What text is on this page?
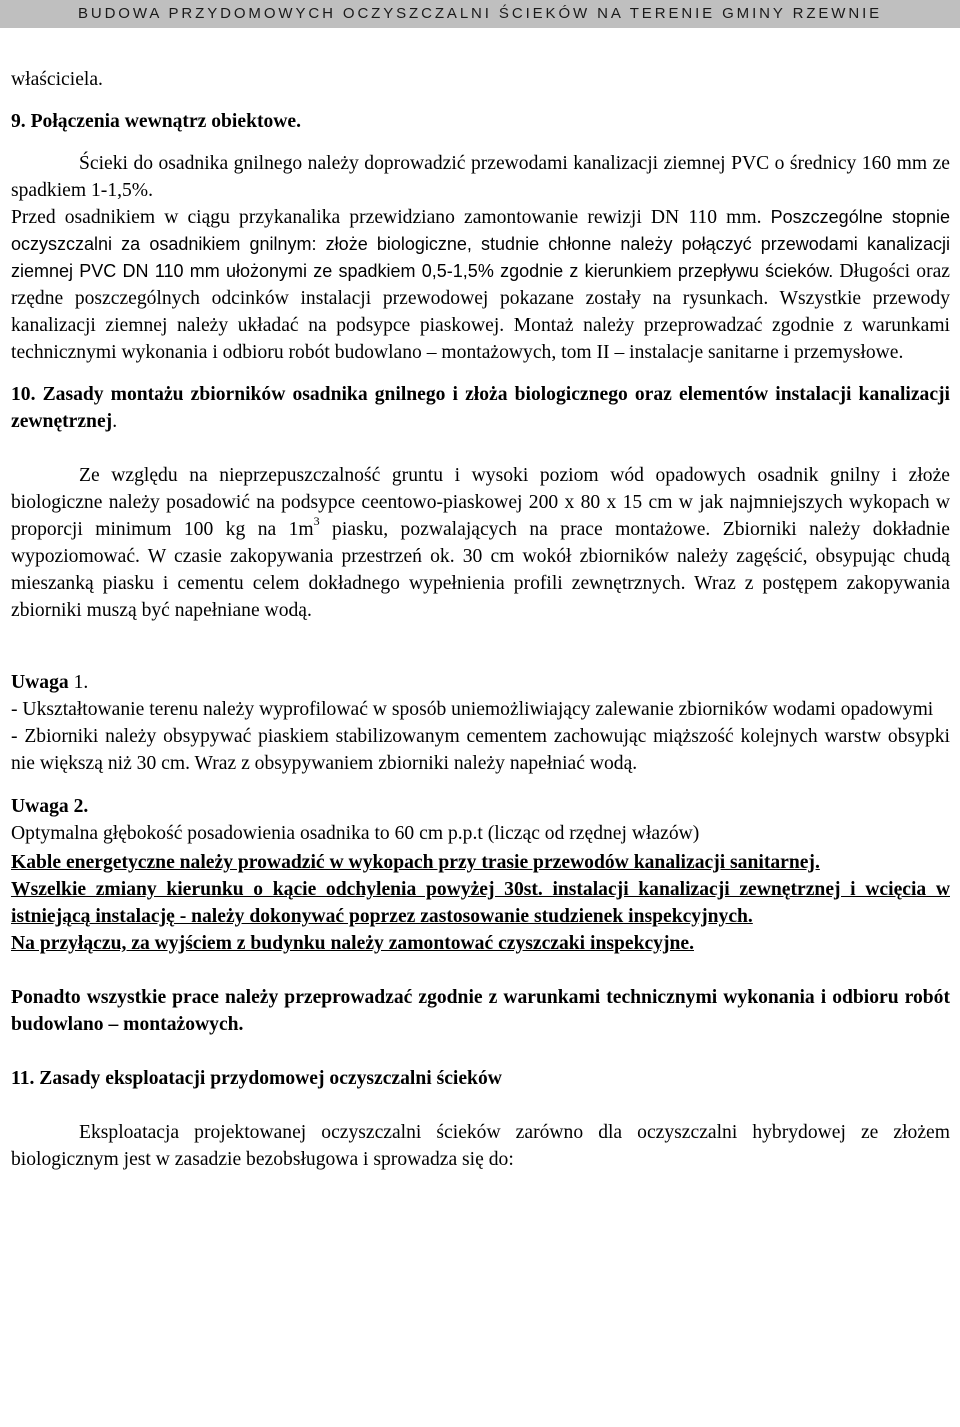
BUDOWA PRZYDOMOWYCH OCZYSZCZALNI ŚCIEKÓW NA TERENIE GMINY RZEWNIE

właściciela.

9. Połączenia wewnątrz obiektowe.

Ścieki do osadnika gnilnego należy doprowadzić przewodami kanalizacji ziemnej PVC o średnicy 160 mm ze spadkiem 1-1,5%.

Przed osadnikiem w ciągu przykanalika przewidziano zamontowanie rewizji DN 110 mm. Poszczególne stopnie oczyszczalni za osadnikiem gnilnym: złoże biologiczne, studnie chłonne należy połączyć przewodami kanalizacji ziemnej PVC DN 110 mm ułożonymi ze spadkiem 0,5-1,5% zgodnie z kierunkiem przepływu ścieków. Długości oraz rzędne poszczególnych odcinków instalacji przewodowej pokazane zostały na rysunkach. Wszystkie przewody kanalizacji ziemnej należy układać na podsypce piaskowej. Montaż należy przeprowadzać zgodnie z warunkami technicznymi wykonania i odbioru robót budowlano – montażowych, tom II – instalacje sanitarne i przemysłowe.

10. Zasady montażu zbiorników osadnika gnilnego i złoża biologicznego oraz elementów instalacji kanalizacji zewnętrznej.

Ze względu na nieprzepuszczalność gruntu i wysoki poziom wód opadowych osadnik gnilny i złoże biologiczne należy posadowić na podsypce ceentowo-piaskowej 200 x 80 x 15 cm w jak najmniejszych wykopach w proporcji minimum 100 kg na $1m^3$ piasku, pozwalających na prace montażowe. Zbiorniki należy dokładnie wypoziomować. W czasie zakopywania przestrzeń ok. 30 cm wokół zbiorników należy zagęścić, obsypując chudą mieszanką piasku i cementu celem dokładnego wypełnienia profili zewnętrznych. Wraz z postępem zakopywania zbiorniki muszą być napełniane wodą.

Uwaga 1.

- Ukształtowanie terenu należy wyprofilować w sposób uniemożliwiający zalewanie zbiorników wodami opadowymi

- Zbiorniki należy obsypywać piaskiem stabilizowanym cementem zachowując miąższość kolejnych warstw obsypki nie większą niż 30 cm. Wraz z obsypywaniem zbiorniki należy napełniać wodą.

Uwaga 2.

Optymalna głębokość posadowienia osadnika to 60 cm p.p.t (licząc od rzędnej włazów)

Kable energetyczne należy prowadzić w wykopach przy trasie przewodów kanalizacji sanitarnej.

Wszelkie zmiany kierunku o kącie odchylenia powyżej 30st. instalacji kanalizacji zewnętrznej i wcięcia w istniejącą instalację - należy dokonywać poprzez zastosowanie studzienek inspekcyjnych.

Na przyłączu, za wyjściem z budynku należy zamontować czyszczaki inspekcyjne.

Ponadto wszystkie prace należy przeprowadzać zgodnie z warunkami technicznymi wykonania i odbioru robót budowlano – montażowych.

11. Zasady eksploatacji przydomowej oczyszczalni ścieków

Eksploatacja projektowanej oczyszczalni ścieków zarówno dla oczyszczalni hybrydowej ze złożem biologicznym jest w zasadzie bezobsługowa i sprowadza się do:
